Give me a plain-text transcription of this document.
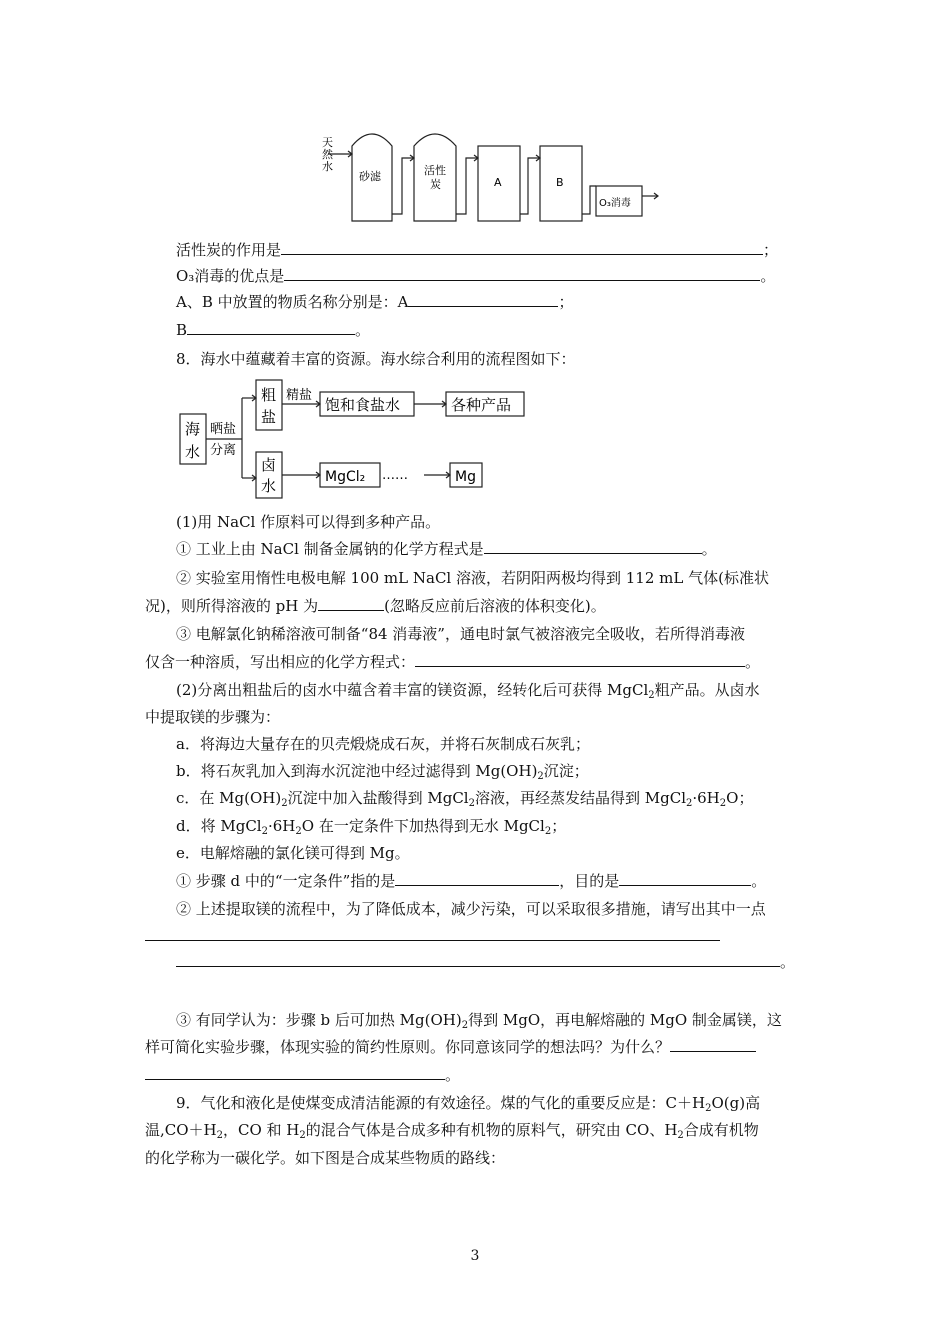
天
然
水
砂滤	活性
炭	A	B
O₃消毒
活性炭的作用是	；
O₃消毒的优点是	。
A、B 中放置的物质名称分别是：A	；
B	。
8．海水中蕴藏着丰富的资源。海水综合利用的流程图如下：
海
水
晒盐
分离
粗
盐
精盐
饱和食盐水	各种产品
卤
水	MgCl₂ ……	Mg
(1)用 NaCl 作原料可以得到多种产品。
① 工业上由 NaCl 制备金属钠的化学方程式是	。
② 实验室用惰性电极电解 100 mL NaCl 溶液，若阴阳两极均得到 112 mL 气体(标准状
况)，则所得溶液的 pH 为	(忽略反应前后溶液的体积变化)。
③ 电解氯化钠稀溶液可制备“84 消毒液”，通电时氯气被溶液完全吸收，若所得消毒液
仅含一种溶质，写出相应的化学方程式：	。
(2)分离出粗盐后的卤水中蕴含着丰富的镁资源，经转化后可获得 MgCl$_2$粗产品。从卤水
中提取镁的步骤为：
a．将海边大量存在的贝壳煅烧成石灰，并将石灰制成石灰乳；
b．将石灰乳加入到海水沉淀池中经过滤得到 $Mg(OH)_2$沉淀；
c．在 $Mg(OH)_2$沉淀中加入盐酸得到 MgCl$_2$溶液，再经蒸发结晶得到 $MgCl_2\cdot 6H_2O$；
d．将 $MgCl_2\cdot 6H_2O$ 在一定条件下加热得到无水 MgCl$_2$；
e．电解熔融的氯化镁可得到 Mg。
① 步骤 d 中的“一定条件”指的是	，目的是	。
② 上述提取镁的流程中，为了降低成本，减少污染，可以采取很多措施，请写出其中一点
。
③ 有同学认为：步骤 b 后可加热 $Mg(OH)_2$得到 MgO，再电解熔融的 MgO 制金属镁，这
样可简化实验步骤，体现实验的简约性原则。你同意该同学的想法吗？为什么？
。
9．气化和液化是使煤变成清洁能源的有效途径。煤的气化的重要反应是：$C+H_2O(g)$高
温$,CO+H_2$，CO 和 $H_2$的混合气体是合成多种有机物的原料气，研究由 CO、$H_2$合成有机物
的化学称为一碳化学。如下图是合成某些物质的路线：
3
